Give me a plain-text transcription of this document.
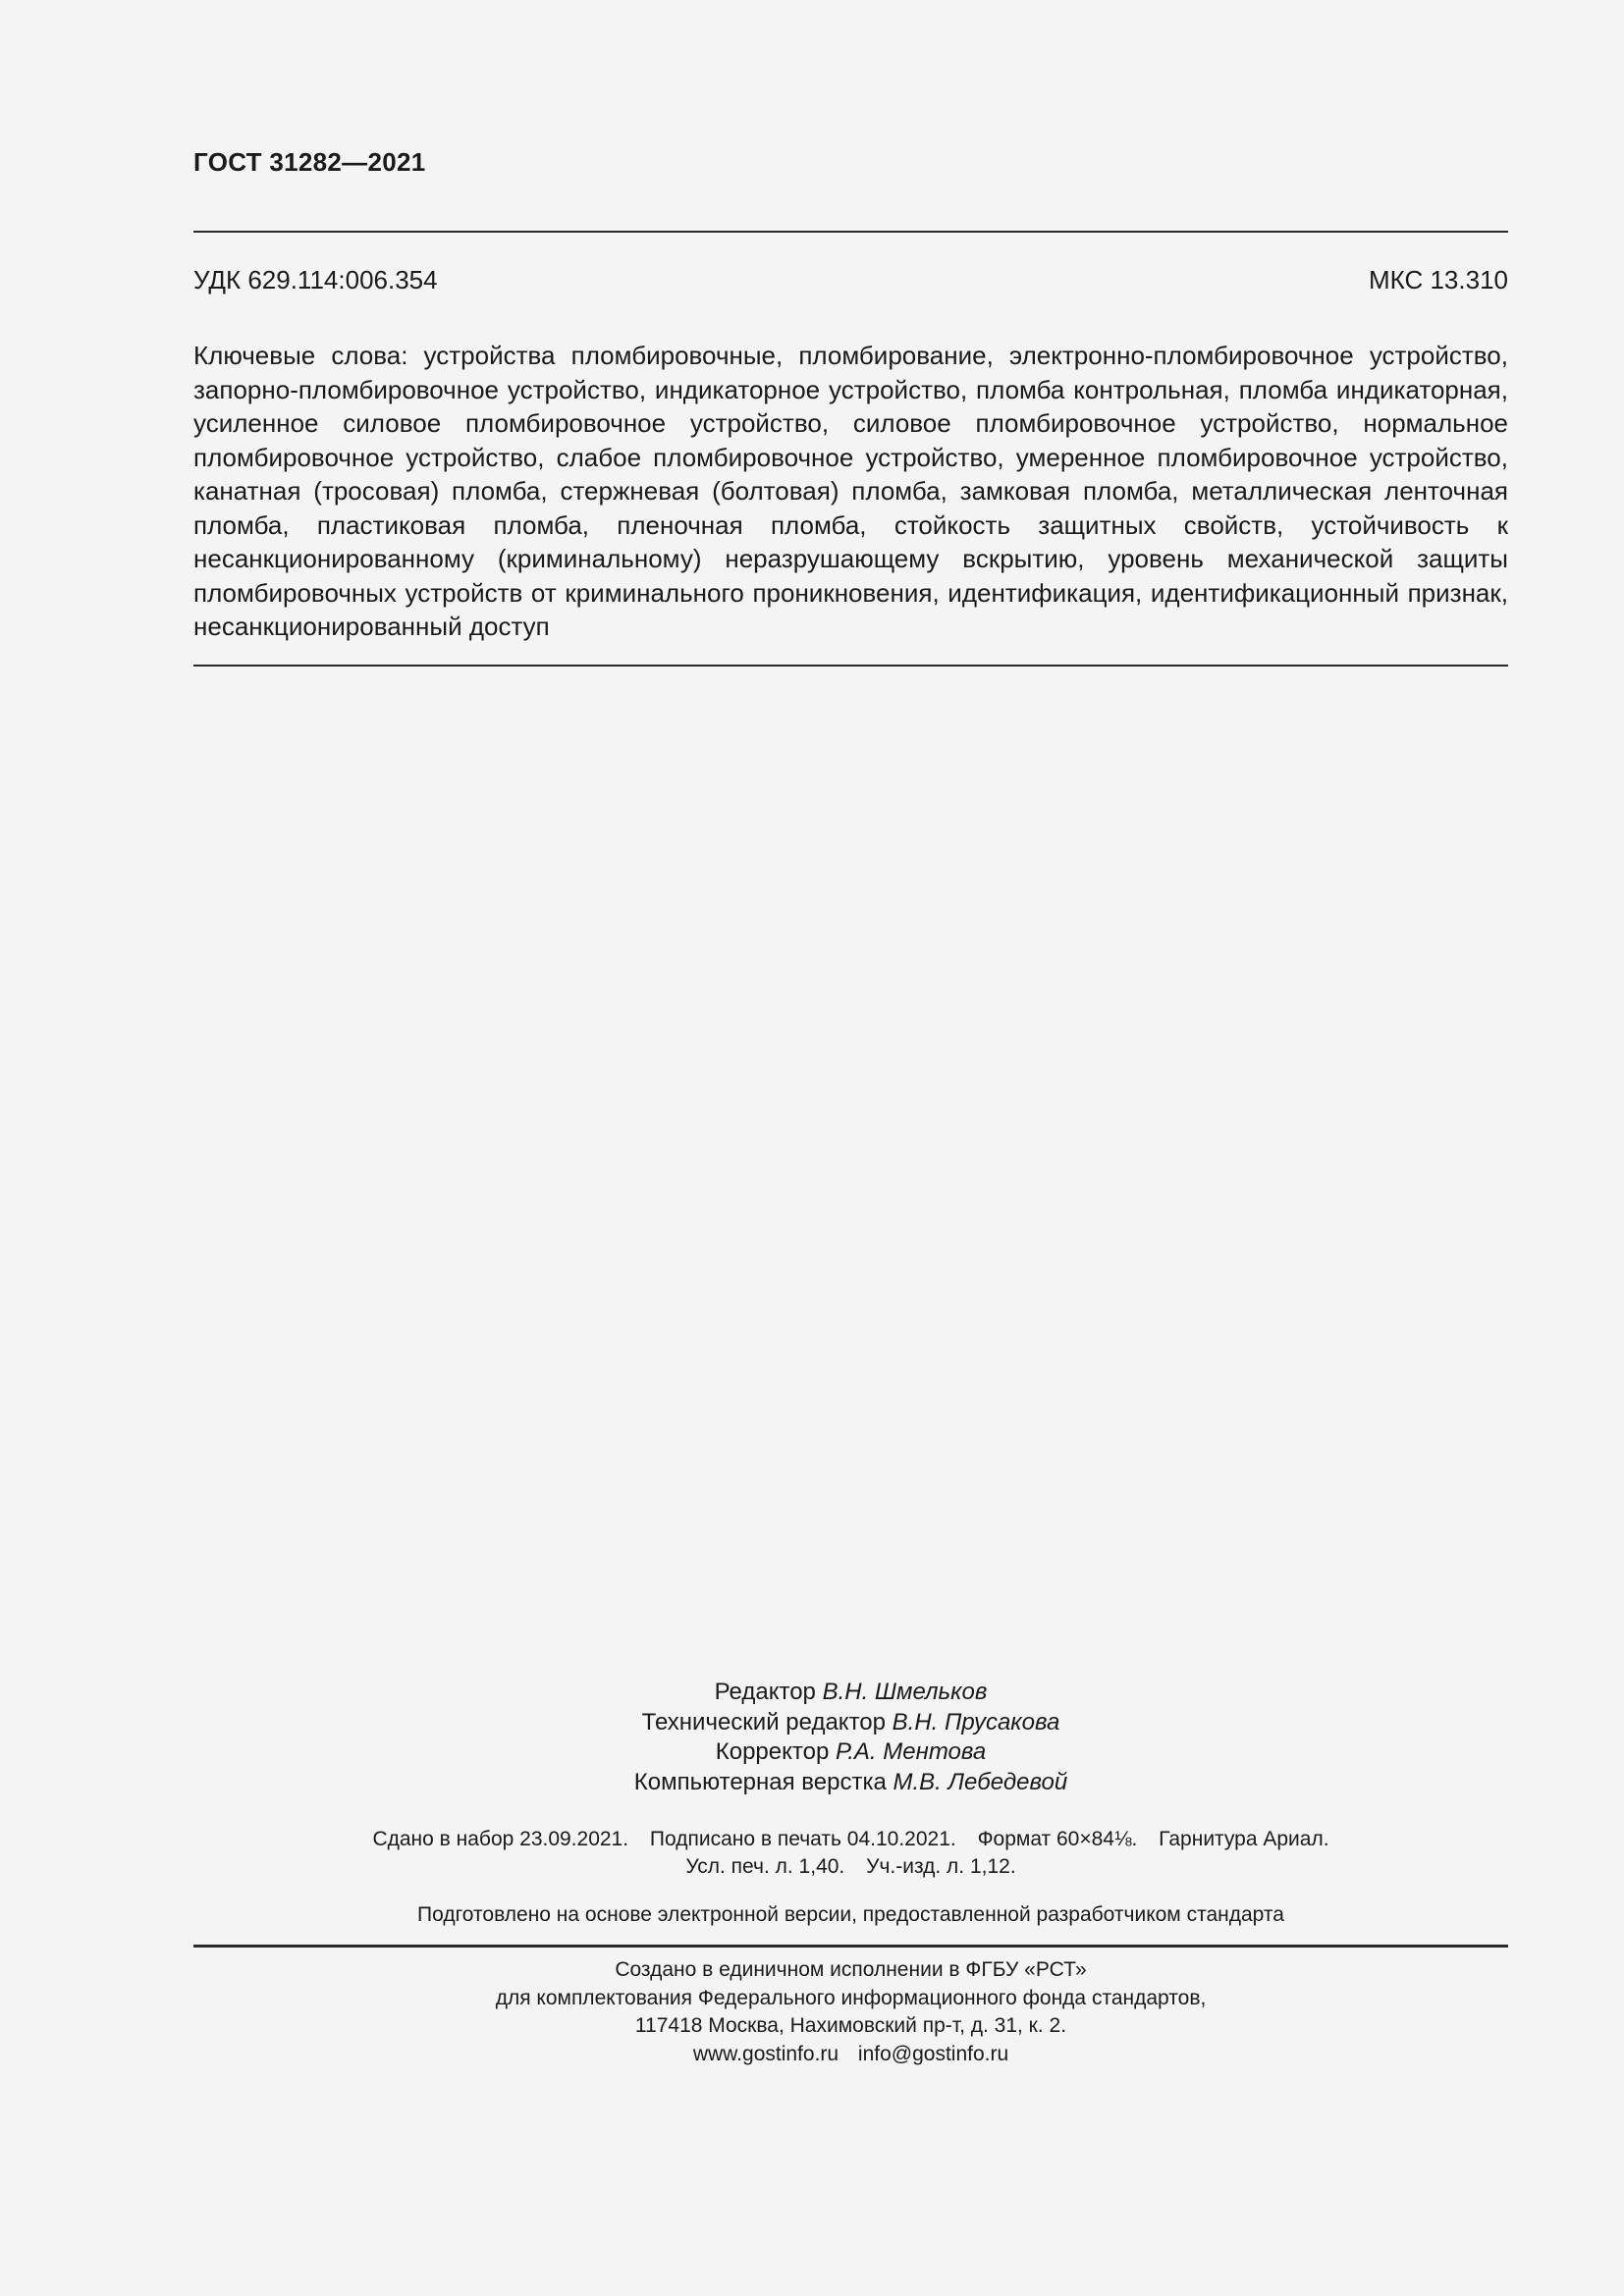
ГОСТ 31282—2021
УДК 629.114:006.354	МКС 13.310
Ключевые слова: устройства пломбировочные, пломбирование, электронно-пломбировочное устройство, запорно-пломбировочное устройство, индикаторное устройство, пломба контрольная, пломба индикаторная, усиленное силовое пломбировочное устройство, силовое пломбировочное устройство, нормальное пломбировочное устройство, слабое пломбировочное устройство, умеренное пломбировочное устройство, канатная (тросовая) пломба, стержневая (болтовая) пломба, замковая пломба, металлическая ленточная пломба, пластиковая пломба, пленочная пломба, стойкость защитных свойств, устойчивость к несанкционированному (криминальному) неразрушающему вскрытию, уровень механической защиты пломбировочных устройств от криминального проникновения, идентификация, идентификационный признак, несанкционированный доступ
Редактор В.Н. Шмельков
Технический редактор В.Н. Прусакова
Корректор Р.А. Ментова
Компьютерная верстка М.В. Лебедевой
Сдано в набор 23.09.2021. Подписано в печать 04.10.2021. Формат 60×84⅛. Гарнитура Ариал.
Усл. печ. л. 1,40. Уч.-изд. л. 1,12.
Подготовлено на основе электронной версии, предоставленной разработчиком стандарта
Создано в единичном исполнении в ФГБУ «РСТ»
для комплектования Федерального информационного фонда стандартов,
117418 Москва, Нахимовский пр-т, д. 31, к. 2.
www.gostinfo.ru info@gostinfo.ru
